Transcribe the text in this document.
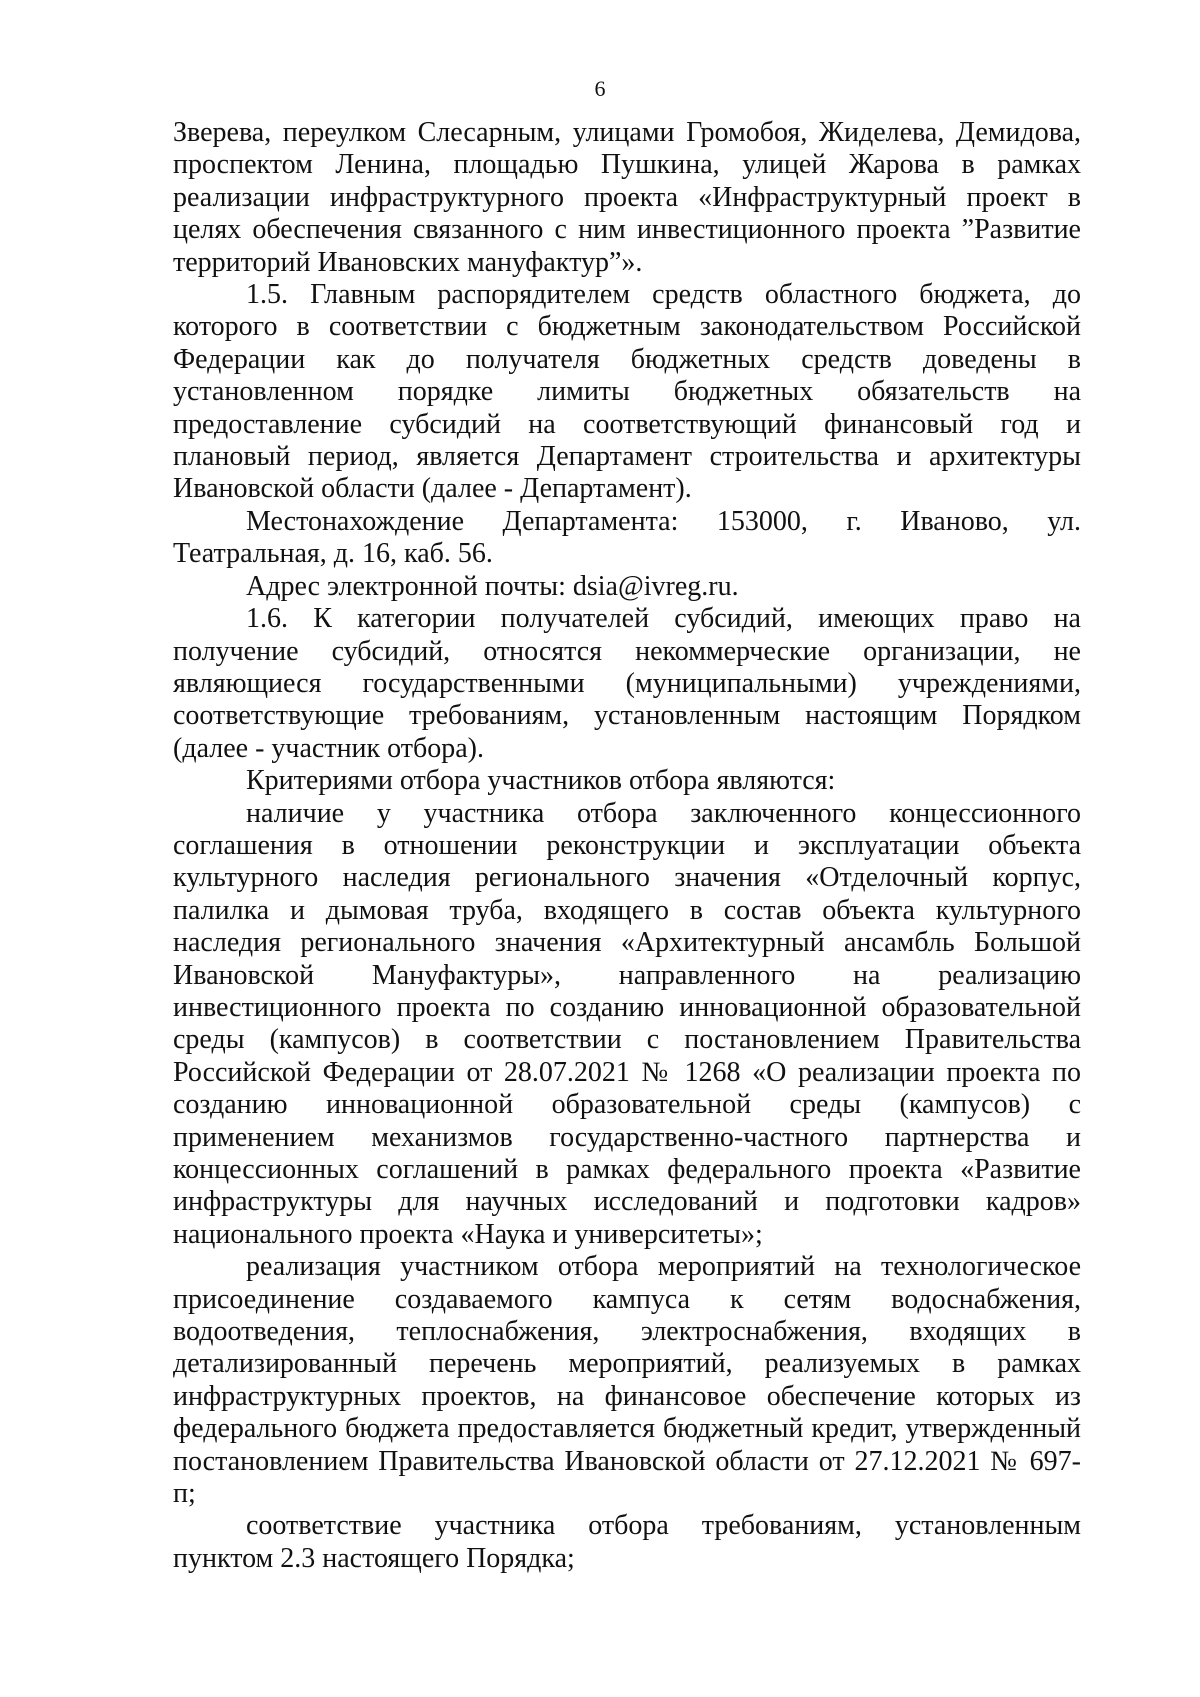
6

Зверева, переулком Слесарным, улицами Громобоя, Жиделева, Демидова, проспектом Ленина, площадью Пушкина, улицей Жарова в рамках реализации инфраструктурного проекта «Инфраструктурный проект в целях обеспечения связанного с ним инвестиционного проекта ”Развитие территорий Ивановских мануфактур”».

1.5. Главным распорядителем средств областного бюджета, до которого в соответствии с бюджетным законодательством Российской Федерации как до получателя бюджетных средств доведены в установленном порядке лимиты бюджетных обязательств на предоставление субсидий на соответствующий финансовый год и плановый период, является Департамент строительства и архитектуры Ивановской области (далее - Департамент).

Местонахождение Департамента: 153000, г. Иваново, ул. Театральная, д. 16, каб. 56.

Адрес электронной почты: dsia@ivreg.ru.

1.6. К категории получателей субсидий, имеющих право на получение субсидий, относятся некоммерческие организации, не являющиеся государственными (муниципальными) учреждениями, соответствующие требованиям, установленным настоящим Порядком (далее - участник отбора).

Критериями отбора участников отбора являются:

наличие у участника отбора заключенного концессионного соглашения в отношении реконструкции и эксплуатации объекта культурного наследия регионального значения «Отделочный корпус, палилка и дымовая труба, входящего в состав объекта культурного наследия регионального значения «Архитектурный ансамбль Большой Ивановской Мануфактуры», направленного на реализацию инвестиционного проекта по созданию инновационной образовательной среды (кампусов) в соответствии с постановлением Правительства Российской Федерации от 28.07.2021 № 1268 «О реализации проекта по созданию инновационной образовательной среды (кампусов) с применением механизмов государственно-частного партнерства и концессионных соглашений в рамках федерального проекта «Развитие инфраструктуры для научных исследований и подготовки кадров» национального проекта «Наука и университеты»;

реализация участником отбора мероприятий на технологическое присоединение создаваемого кампуса к сетям водоснабжения, водоотведения, теплоснабжения, электроснабжения, входящих в детализированный перечень мероприятий, реализуемых в рамках инфраструктурных проектов, на финансовое обеспечение которых из федерального бюджета предоставляется бюджетный кредит, утвержденный постановлением Правительства Ивановской области от 27.12.2021 № 697-п;

соответствие участника отбора требованиям, установленным пунктом 2.3 настоящего Порядка;
